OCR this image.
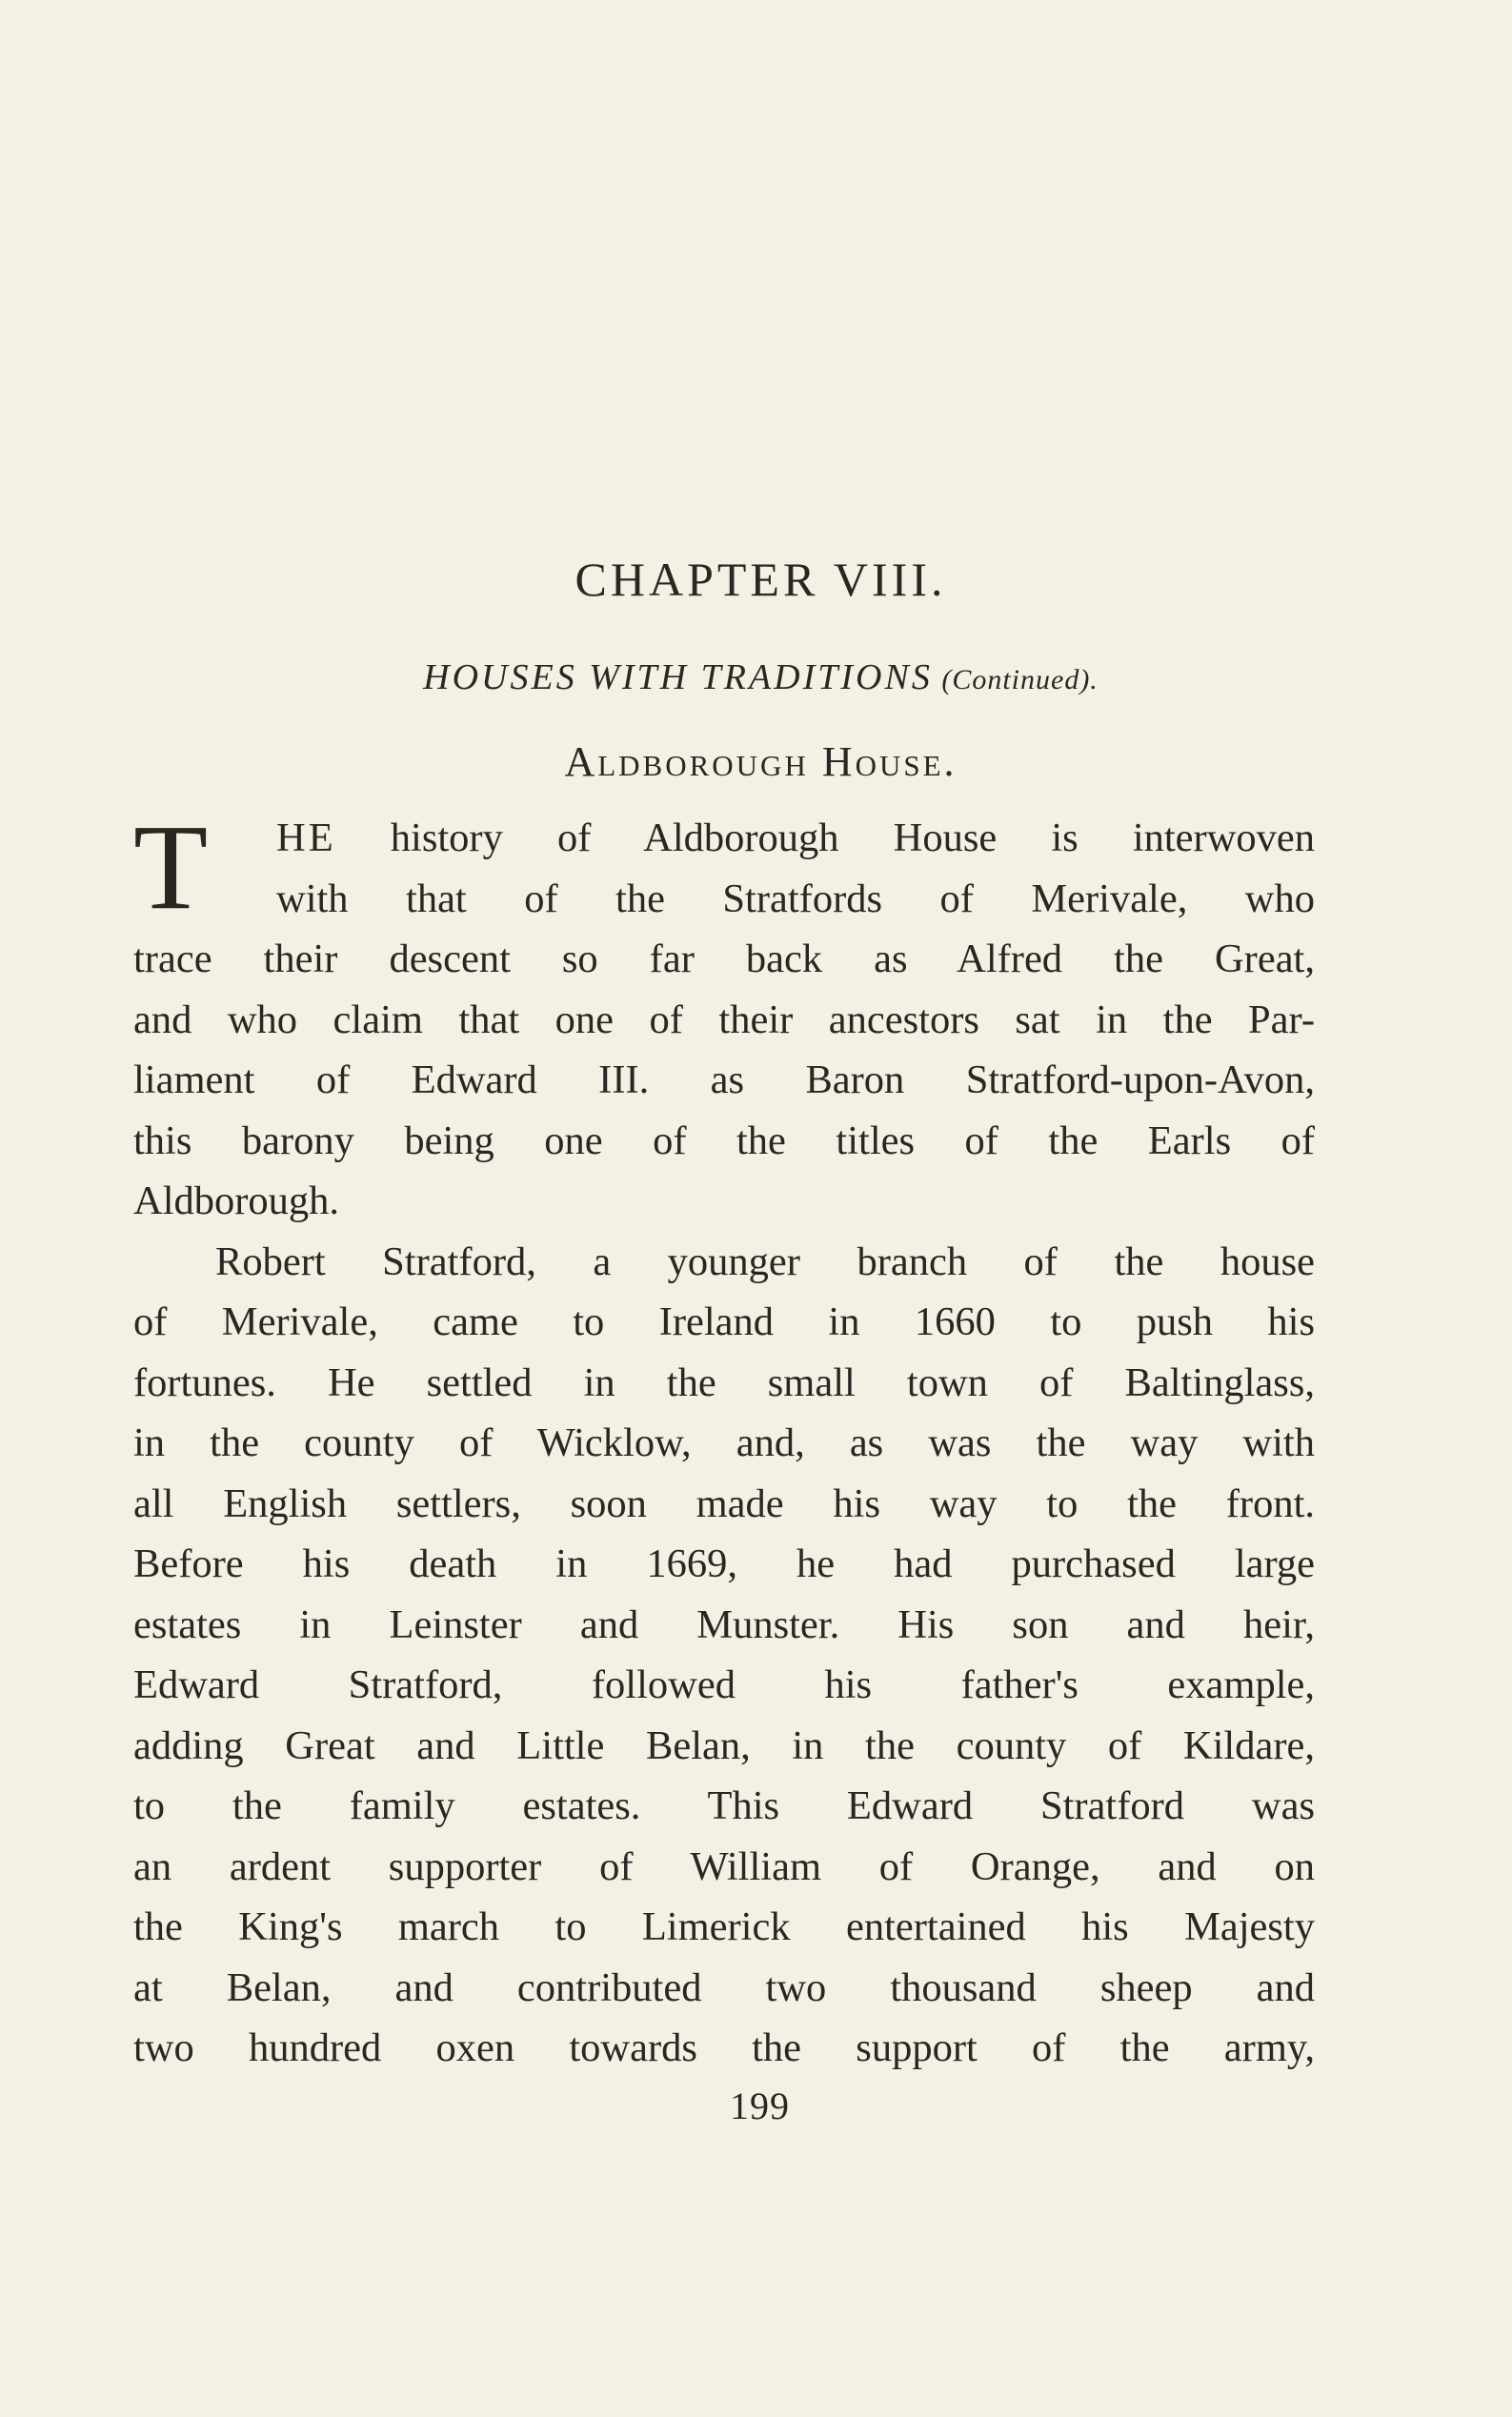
CHAPTER VIII.
HOUSES WITH TRADITIONS (Continued).
Aldborough House.
T	HE history of Aldborough House is interwoven
with that of the Stratfords of Merivale, who
trace their descent so far back as Alfred the Great,
and who claim that one of their ancestors sat in the Par-
liament of Edward III. as Baron Stratford-upon-Avon,
this barony being one of the titles of the Earls of
Aldborough.
Robert Stratford, a younger branch of the house
of Merivale, came to Ireland in 1660 to push his
fortunes. He settled in the small town of Baltinglass,
in the county of Wicklow, and, as was the way with
all English settlers, soon made his way to the front.
Before his death in 1669, he had purchased large
estates in Leinster and Munster. His son and heir,
Edward Stratford, followed his father's example,
adding Great and Little Belan, in the county of Kildare,
to the family estates. This Edward Stratford was
an ardent supporter of William of Orange, and on
the King's march to Limerick entertained his Majesty
at Belan, and contributed two thousand sheep and
two hundred oxen towards the support of the army,
199
